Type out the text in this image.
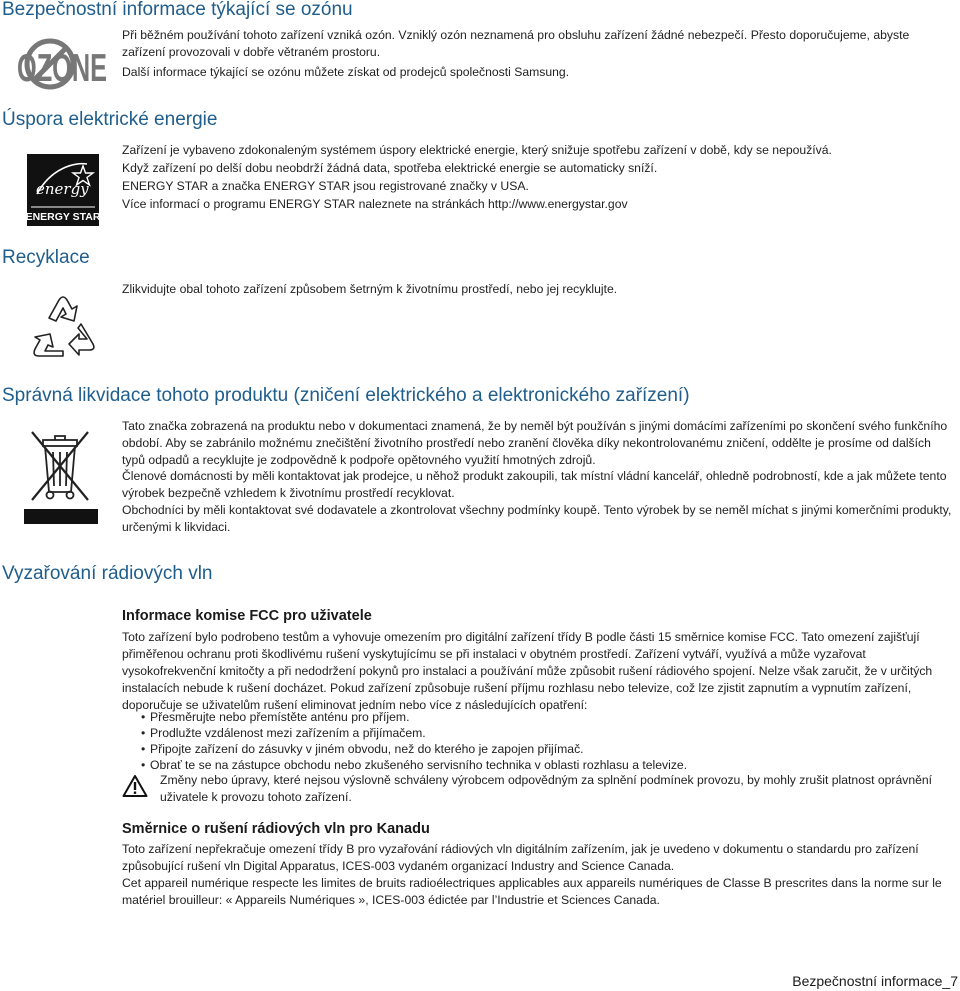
Bezpečnostní informace týkající se ozónu
OZONE

Při běžném používání tohoto zařízení vzniká ozón. Vzniklý ozón neznamená pro obsluhu zařízení žádné nebezpečí. Přesto doporučujeme, abyste zařízení provozovali v dobře větraném prostoru.

Další informace týkající se ozónu můžete získat od prodejců společnosti Samsung.

Úspora elektrické energie
energy
ENERGY STAR

Zařízení je vybaveno zdokonaleným systémem úspory elektrické energie, který snižuje spotřebu zařízení v době, kdy se nepoužívá.

Když zařízení po delší dobu neobdrží žádná data, spotřeba elektrické energie se automaticky sníží.

ENERGY STAR a značka ENERGY STAR jsou registrované značky v USA.

Více informací o programu ENERGY STAR naleznete na stránkách http://www.energystar.gov

Recyklace

Zlikvidujte obal tohoto zařízení způsobem šetrným k životnímu prostředí, nebo jej recyklujte.

Správná likvidace tohoto produktu (zničení elektrického a elektronického zařízení)

Tato značka zobrazená na produktu nebo v dokumentaci znamená, že by neměl být používán s jinými domácími zařízeními po skončení svého funkčního období. Aby se zabránilo možnému znečištění životního prostředí nebo zranění člověka díky nekontrolovanému zničení, oddělte je prosíme od dalších typů odpadů a recyklujte je zodpovědně k podpoře opětovného využití hmotných zdrojů.

Členové domácnosti by měli kontaktovat jak prodejce, u něhož produkt zakoupili, tak místní vládní kancelář, ohledně podrobností, kde a jak můžete tento výrobek bezpečně vzhledem k životnímu prostředí recyklovat.

Obchodníci by měli kontaktovat své dodavatele a zkontrolovat všechny podmínky koupě. Tento výrobek by se neměl míchat s jinými komerčními produkty, určenými k likvidaci.

Vyzařování rádiových vln
Informace komise FCC pro uživatele

Toto zařízení bylo podrobeno testům a vyhovuje omezením pro digitální zařízení třídy B podle části 15 směrnice komise FCC. Tato omezení zajišťují přiměřenou ochranu proti škodlivému rušení vyskytujícímu se při instalaci v obytném prostředí. Zařízení vytváří, využívá a může vyzařovat vysokofrekvenční kmitočty a při nedodržení pokynů pro instalaci a používání může způsobit rušení rádiového spojení. Nelze však zaručit, že v určitých instalacích nebude k rušení docházet. Pokud zařízení způsobuje rušení příjmu rozhlasu nebo televize, což lze zjistit zapnutím a vypnutím zařízení, doporučuje se uživatelům rušení eliminovat jedním nebo více z následujících opatření:

• Přesměrujte nebo přemístěte anténu pro příjem.
• Prodlužte vzdálenost mezi zařízením a přijímačem.
• Připojte zařízení do zásuvky v jiném obvodu, než do kterého je zapojen přijímač.
• Obrať te se na zástupce obchodu nebo zkušeného servisního technika v oblasti rozhlasu a televize.

Změny nebo úpravy, které nejsou výslovně schváleny výrobcem odpovědným za splnění podmínek provozu, by mohly zrušit platnost oprávnění uživatele k provozu tohoto zařízení.

Směrnice o rušení rádiových vln pro Kanadu

Toto zařízení nepřekračuje omezení třídy B pro vyzařování rádiových vln digitálním zařízením, jak je uvedeno v dokumentu o standardu pro zařízení způsobující rušení vln Digital Apparatus, ICES-003 vydaném organizací Industry and Science Canada.

Cet appareil numérique respecte les limites de bruits radioélectriques applicables aux appareils numériques de Classe B prescrites dans la norme sur le matériel brouilleur: « Appareils Numériques », ICES-003 édictée par l’Industrie et Sciences Canada.

Bezpečnostní informace_7
